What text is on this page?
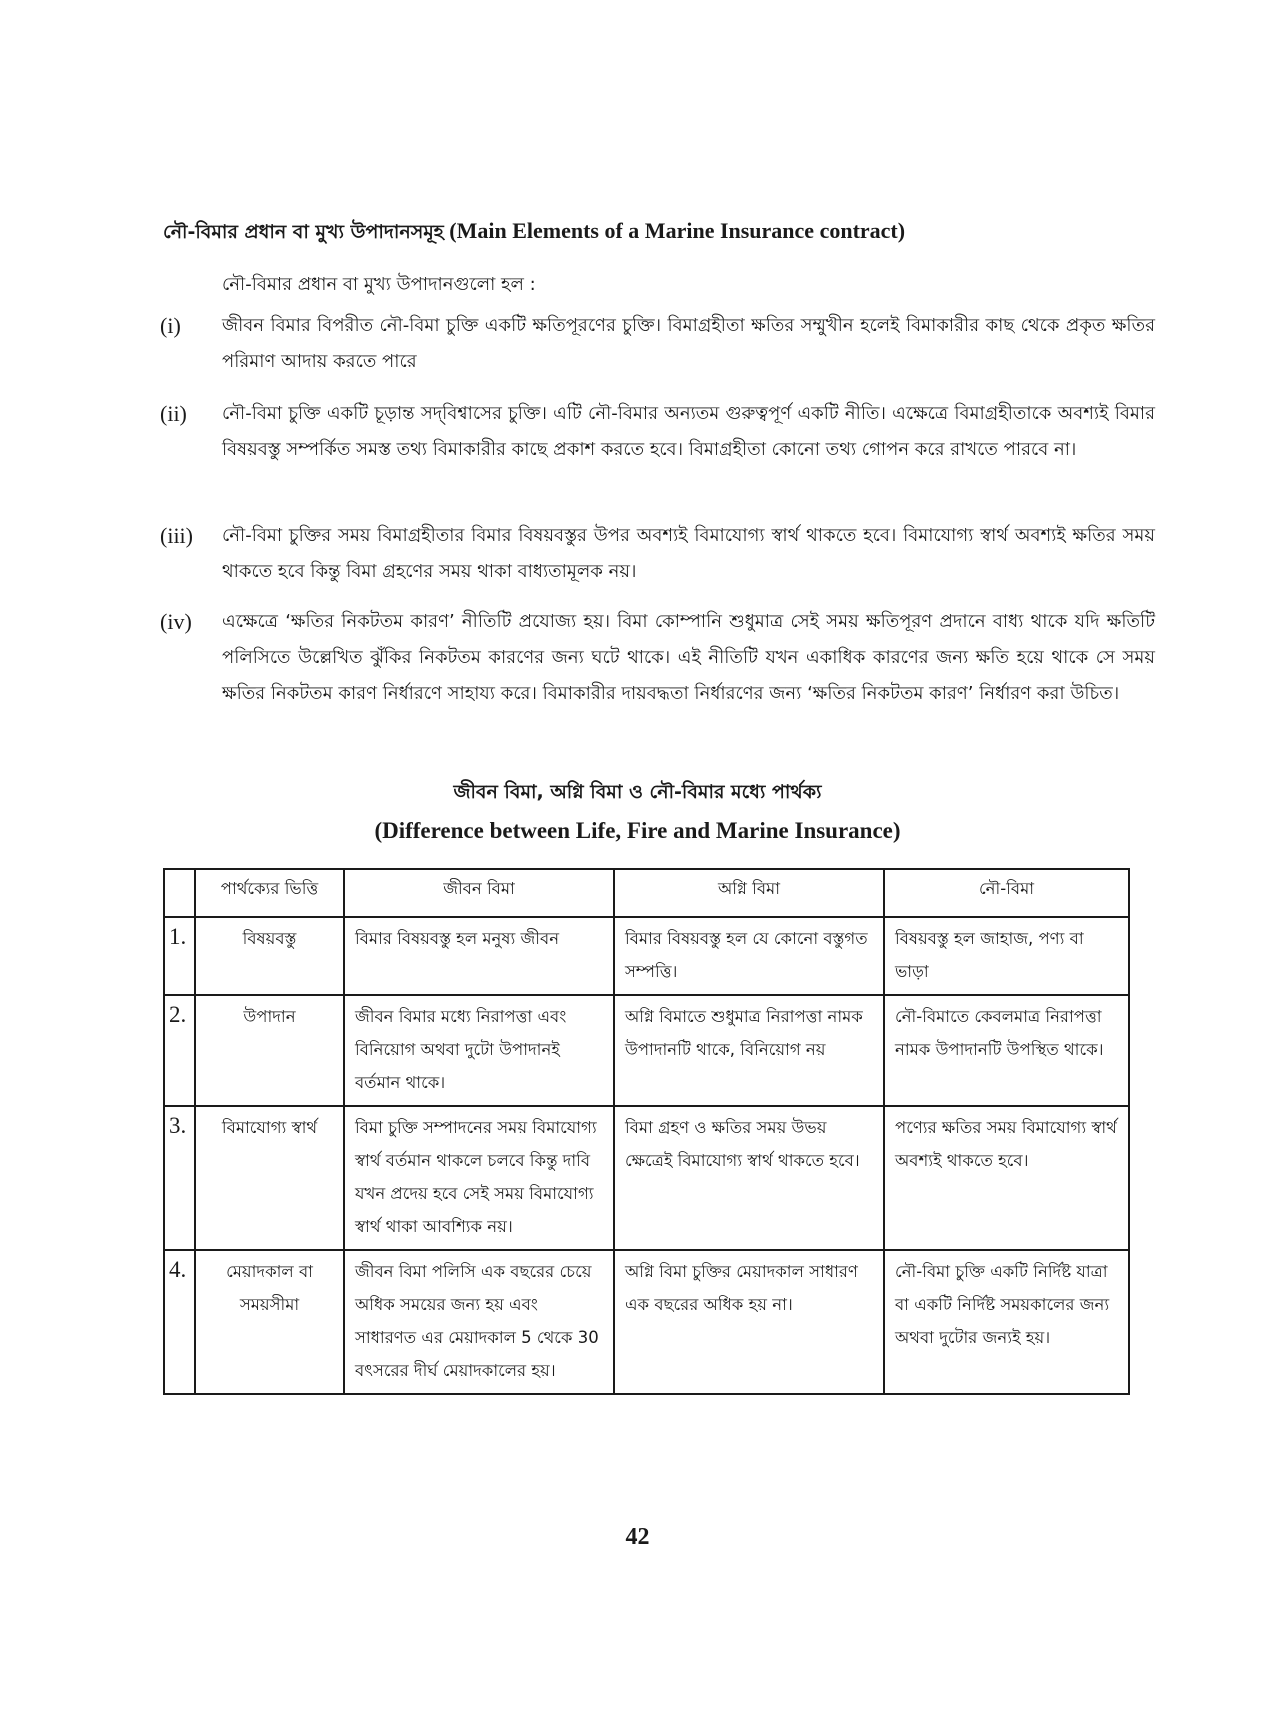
নৌ-বিমার প্রধান বা মুখ্য উপাদানসমূহ (Main Elements of a Marine Insurance contract)
নৌ-বিমার প্রধান বা মুখ্য উপাদানগুলো হল :
(i)	জীবন বিমার বিপরীত নৌ-বিমা চুক্তি একটি ক্ষতিপূরণের চুক্তি। বিমাগ্রহীতা ক্ষতির সম্মুখীন হলেই বিমাকারীর কাছ থেকে প্রকৃত ক্ষতির পরিমাণ আদায় করতে পারে
(ii)	নৌ-বিমা চুক্তি একটি চূড়ান্ত সদ্‌বিশ্বাসের চুক্তি। এটি নৌ-বিমার অন্যতম গুরুত্বপূর্ণ একটি নীতি। এক্ষেত্রে বিমাগ্রহীতাকে অবশ্যই বিমার বিষয়বস্তু সম্পর্কিত সমস্ত তথ্য বিমাকারীর কাছে প্রকাশ করতে হবে। বিমাগ্রহীতা কোনো তথ্য গোপন করে রাখতে পারবে না।
(iii)	নৌ-বিমা চুক্তির সময় বিমাগ্রহীতার বিমার বিষয়বস্তুর উপর অবশ্যই বিমাযোগ্য স্বার্থ থাকতে হবে। বিমাযোগ্য স্বার্থ অবশ্যই ক্ষতির সময় থাকতে হবে কিন্তু বিমা গ্রহণের সময় থাকা বাধ্যতামূলক নয়।
(iv)	এক্ষেত্রে ‘ক্ষতির নিকটতম কারণ’ নীতিটি প্রযোজ্য হয়। বিমা কোম্পানি শুধুমাত্র সেই সময় ক্ষতিপূরণ প্রদানে বাধ্য থাকে যদি ক্ষতিটি পলিসিতে উল্লেখিত ঝুঁকির নিকটতম কারণের জন্য ঘটে থাকে। এই নীতিটি যখন একাধিক কারণের জন্য ক্ষতি হয়ে থাকে সে সময় ক্ষতির নিকটতম কারণ নির্ধারণে সাহায্য করে। বিমাকারীর দায়বদ্ধতা নির্ধারণের জন্য ‘ক্ষতির নিকটতম কারণ’ নির্ধারণ করা উচিত।
জীবন বিমা, অগ্নি বিমা ও নৌ-বিমার মধ্যে পার্থক্য
(Difference between Life, Fire and Marine Insurance)
	পার্থক্যের ভিত্তি	জীবন বিমা	অগ্নি বিমা	নৌ-বিমা
1.	বিষয়বস্তু	বিমার বিষয়বস্তু হল মনুষ্য জীবন	বিমার বিষয়বস্তু হল যে কোনো বস্তুগত সম্পত্তি।	বিষয়বস্তু হল জাহাজ, পণ্য বা ভাড়া
2.	উপাদান	জীবন বিমার মধ্যে নিরাপত্তা এবং বিনিয়োগ অথবা দুটো উপাদানই বর্তমান থাকে।	অগ্নি বিমাতে শুধুমাত্র নিরাপত্তা নামক উপাদানটি থাকে, বিনিয়োগ নয়	নৌ-বিমাতে কেবলমাত্র নিরাপত্তা নামক উপাদানটি উপস্থিত থাকে।
3.	বিমাযোগ্য স্বার্থ	বিমা চুক্তি সম্পাদনের সময় বিমাযোগ্য স্বার্থ বর্তমান থাকলে চলবে কিন্তু দাবি যখন প্রদেয় হবে সেই সময় বিমাযোগ্য স্বার্থ থাকা আবশ্যিক নয়।	বিমা গ্রহণ ও ক্ষতির সময় উভয় ক্ষেত্রেই বিমাযোগ্য স্বার্থ থাকতে হবে।	পণ্যের ক্ষতির সময় বিমাযোগ্য স্বার্থ অবশ্যই থাকতে হবে।
4.	মেয়াদকাল বা সময়সীমা	জীবন বিমা পলিসি এক বছরের চেয়ে অধিক সময়ের জন্য হয় এবং সাধারণত এর মেয়াদকাল 5 থেকে 30 বৎসরের দীর্ঘ মেয়াদকালের হয়।	অগ্নি বিমা চুক্তির মেয়াদকাল সাধারণ এক বছরের অধিক হয় না।	নৌ-বিমা চুক্তি একটি নির্দিষ্ট যাত্রা বা একটি নির্দিষ্ট সময়কালের জন্য অথবা দুটোর জন্যই হয়।
42
